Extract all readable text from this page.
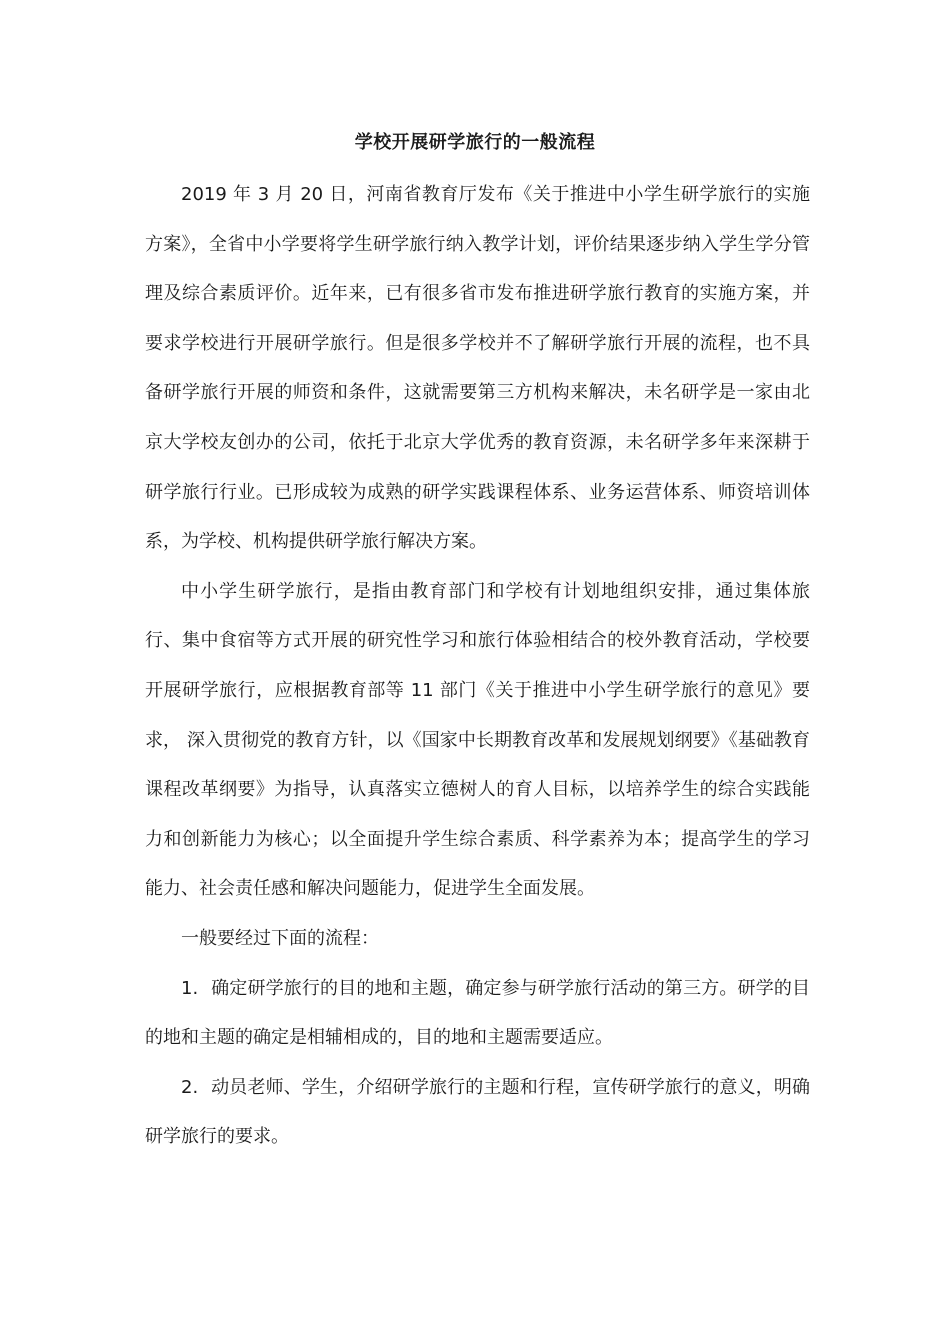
学校开展研学旅行的一般流程

2019 年 3 月 20 日，河南省教育厅发布《关于推进中小学生研学旅行的实施方案》，全省中小学要将学生研学旅行纳入教学计划，评价结果逐步纳入学生学分管理及综合素质评价。近年来，已有很多省市发布推进研学旅行教育的实施方案，并要求学校进行开展研学旅行。但是很多学校并不了解研学旅行开展的流程，也不具备研学旅行开展的师资和条件，这就需要第三方机构来解决，未名研学是一家由北京大学校友创办的公司，依托于北京大学优秀的教育资源，未名研学多年来深耕于研学旅行行业。已形成较为成熟的研学实践课程体系、业务运营体系、师资培训体系，为学校、机构提供研学旅行解决方案。

中小学生研学旅行，是指由教育部门和学校有计划地组织安排，通过集体旅行、集中食宿等方式开展的研究性学习和旅行体验相结合的校外教育活动，学校要开展研学旅行，应根据教育部等 11 部门《关于推进中小学生研学旅行的意见》要求， 深入贯彻党的教育方针，以《国家中长期教育改革和发展规划纲要》《基础教育课程改革纲要》为指导，认真落实立德树人的育人目标，以培养学生的综合实践能力和创新能力为核心；以全面提升学生综合素质、科学素养为本；提高学生的学习能力、社会责任感和解决问题能力，促进学生全面发展。

一般要经过下面的流程：

1. 确定研学旅行的目的地和主题，确定参与研学旅行活动的第三方。研学的目的地和主题的确定是相辅相成的，目的地和主题需要适应。

2. 动员老师、学生，介绍研学旅行的主题和行程，宣传研学旅行的意义，明确研学旅行的要求。
